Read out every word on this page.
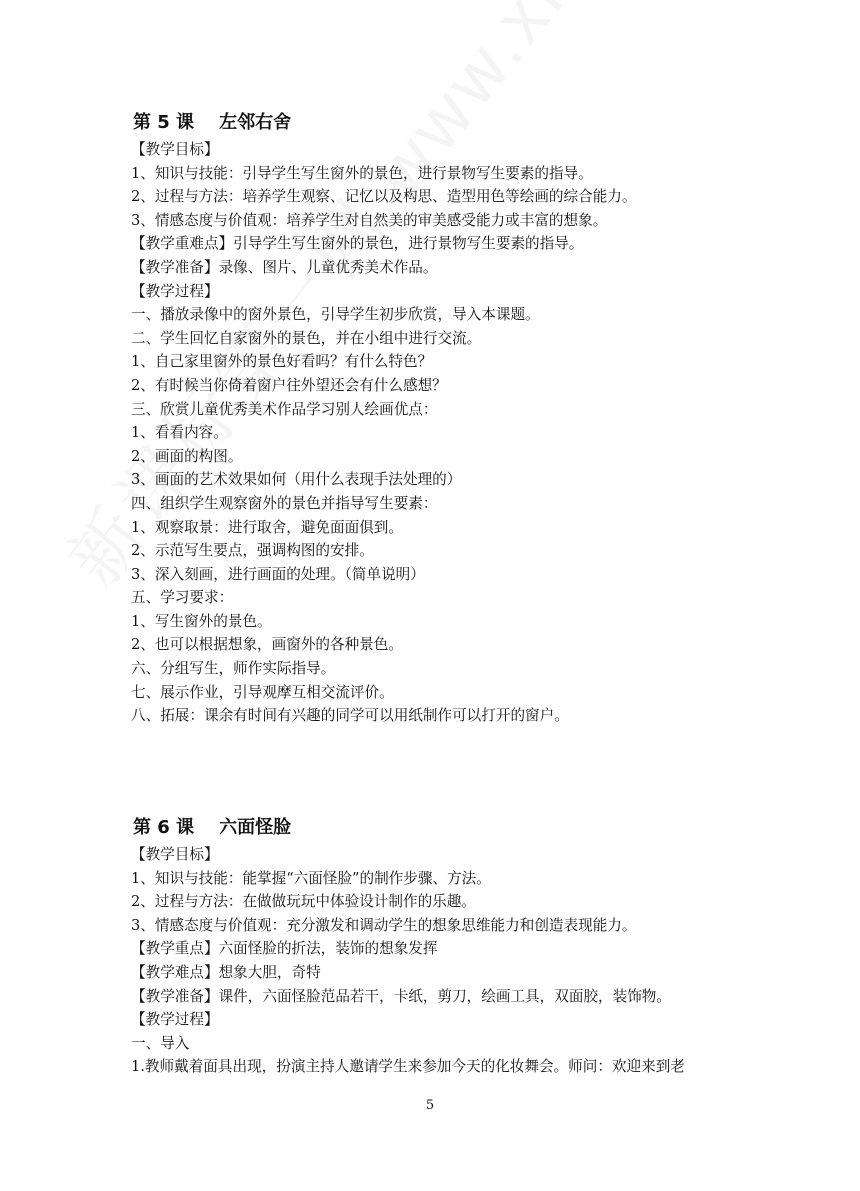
第 5 课    左邻右舍
【教学目标】
1、知识与技能：引导学生写生窗外的景色，进行景物写生要素的指导。
2、过程与方法：培养学生观察、记忆以及构思、造型用色等绘画的综合能力。
3、情感态度与价值观：培养学生对自然美的审美感受能力或丰富的想象。
【教学重难点】引导学生写生窗外的景色，进行景物写生要素的指导。
【教学准备】录像、图片、儿童优秀美术作品。
【教学过程】
一、播放录像中的窗外景色，引导学生初步欣赏，导入本课题。
二、学生回忆自家窗外的景色，并在小组中进行交流。
1、自己家里窗外的景色好看吗？有什么特色？
2、有时候当你倚着窗户往外望还会有什么感想？
三、欣赏儿童优秀美术作品学习别人绘画优点：
1、看看内容。
2、画面的构图。
3、画面的艺术效果如何（用什么表现手法处理的）
四、组织学生观察窗外的景色并指导写生要素：
1、观察取景：进行取舍，避免面面俱到。
2、示范写生要点，强调构图的安排。
3、深入刻画，进行画面的处理。（简单说明）
五、学习要求：
1、写生窗外的景色。
2、也可以根据想象，画窗外的各种景色。
六、分组写生，师作实际指导。
七、展示作业，引导观摩互相交流评价。
八、拓展：课余有时间有兴趣的同学可以用纸制作可以打开的窗户。
第 6 课    六面怪脸
【教学目标】
1、知识与技能：能掌握“六面怪脸”的制作步骤、方法。
2、过程与方法：在做做玩玩中体验设计制作的乐趣。
3、情感态度与价值观：充分激发和调动学生的想象思维能力和创造表现能力。
【教学重点】六面怪脸的折法，装饰的想象发挥
【教学难点】想象大胆，奇特
【教学准备】课件，六面怪脸范品若干，卡纸，剪刀，绘画工具，双面胶，装饰物。
【教学过程】
一、导入
1.教师戴着面具出现，扮演主持人邀请学生来参加今天的化妆舞会。师问：欢迎来到老
5
